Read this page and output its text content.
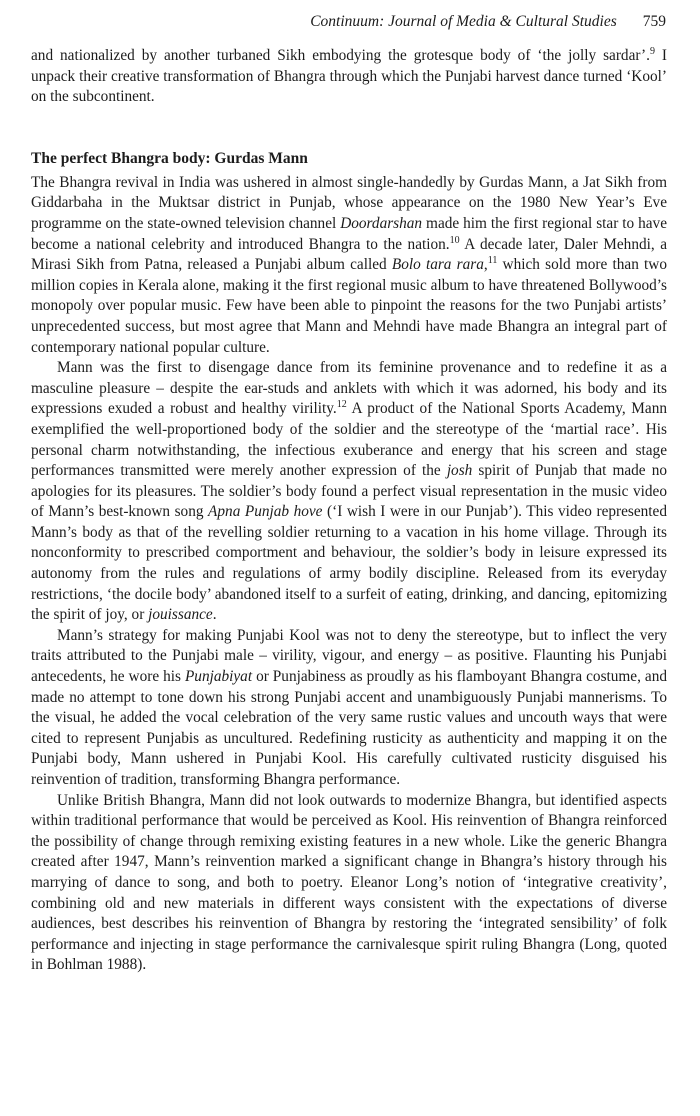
Continuum: Journal of Media & Cultural Studies 759

and nationalized by another turbaned Sikh embodying the grotesque body of ‘the jolly sardar’.$^9$ I unpack their creative transformation of Bhangra through which the Punjabi harvest dance turned ‘Kool’ on the subcontinent.

The perfect Bhangra body: Gurdas Mann

The Bhangra revival in India was ushered in almost single-handedly by Gurdas Mann, a Jat Sikh from Giddarbaha in the Muktsar district in Punjab, whose appearance on the 1980 New Year’s Eve programme on the state-owned television channel Doordarshan made him the first regional star to have become a national celebrity and introduced Bhangra to the nation.$^{10}$ A decade later, Daler Mehndi, a Mirasi Sikh from Patna, released a Punjabi album called Bolo tara rara,$^{11}$ which sold more than two million copies in Kerala alone, making it the first regional music album to have threatened Bollywood’s monopoly over popular music. Few have been able to pinpoint the reasons for the two Punjabi artists’ unprecedented success, but most agree that Mann and Mehndi have made Bhangra an integral part of contemporary national popular culture.

Mann was the first to disengage dance from its feminine provenance and to redefine it as a masculine pleasure – despite the ear-studs and anklets with which it was adorned, his body and its expressions exuded a robust and healthy virility.$^{12}$ A product of the National Sports Academy, Mann exemplified the well-proportioned body of the soldier and the stereotype of the ‘martial race’. His personal charm notwithstanding, the infectious exuberance and energy that his screen and stage performances transmitted were merely another expression of the josh spirit of Punjab that made no apologies for its pleasures. The soldier’s body found a perfect visual representation in the music video of Mann’s best-known song Apna Punjab hove (‘I wish I were in our Punjab’). This video represented Mann’s body as that of the revelling soldier returning to a vacation in his home village. Through its nonconformity to prescribed comportment and behaviour, the soldier’s body in leisure expressed its autonomy from the rules and regulations of army bodily discipline. Released from its everyday restrictions, ‘the docile body’ abandoned itself to a surfeit of eating, drinking, and dancing, epitomizing the spirit of joy, or jouissance.

Mann’s strategy for making Punjabi Kool was not to deny the stereotype, but to inflect the very traits attributed to the Punjabi male – virility, vigour, and energy – as positive. Flaunting his Punjabi antecedents, he wore his Punjabiyat or Punjabiness as proudly as his flamboyant Bhangra costume, and made no attempt to tone down his strong Punjabi accent and unambiguously Punjabi mannerisms. To the visual, he added the vocal celebration of the very same rustic values and uncouth ways that were cited to represent Punjabis as uncultured. Redefining rusticity as authenticity and mapping it on the Punjabi body, Mann ushered in Punjabi Kool. His carefully cultivated rusticity disguised his reinvention of tradition, transforming Bhangra performance.

Unlike British Bhangra, Mann did not look outwards to modernize Bhangra, but identified aspects within traditional performance that would be perceived as Kool. His reinvention of Bhangra reinforced the possibility of change through remixing existing features in a new whole. Like the generic Bhangra created after 1947, Mann’s reinvention marked a significant change in Bhangra’s history through his marrying of dance to song, and both to poetry. Eleanor Long’s notion of ‘integrative creativity’, combining old and new materials in different ways consistent with the expectations of diverse audiences, best describes his reinvention of Bhangra by restoring the ‘integrated sensibility’ of folk performance and injecting in stage performance the carnivalesque spirit ruling Bhangra (Long, quoted in Bohlman 1988).
